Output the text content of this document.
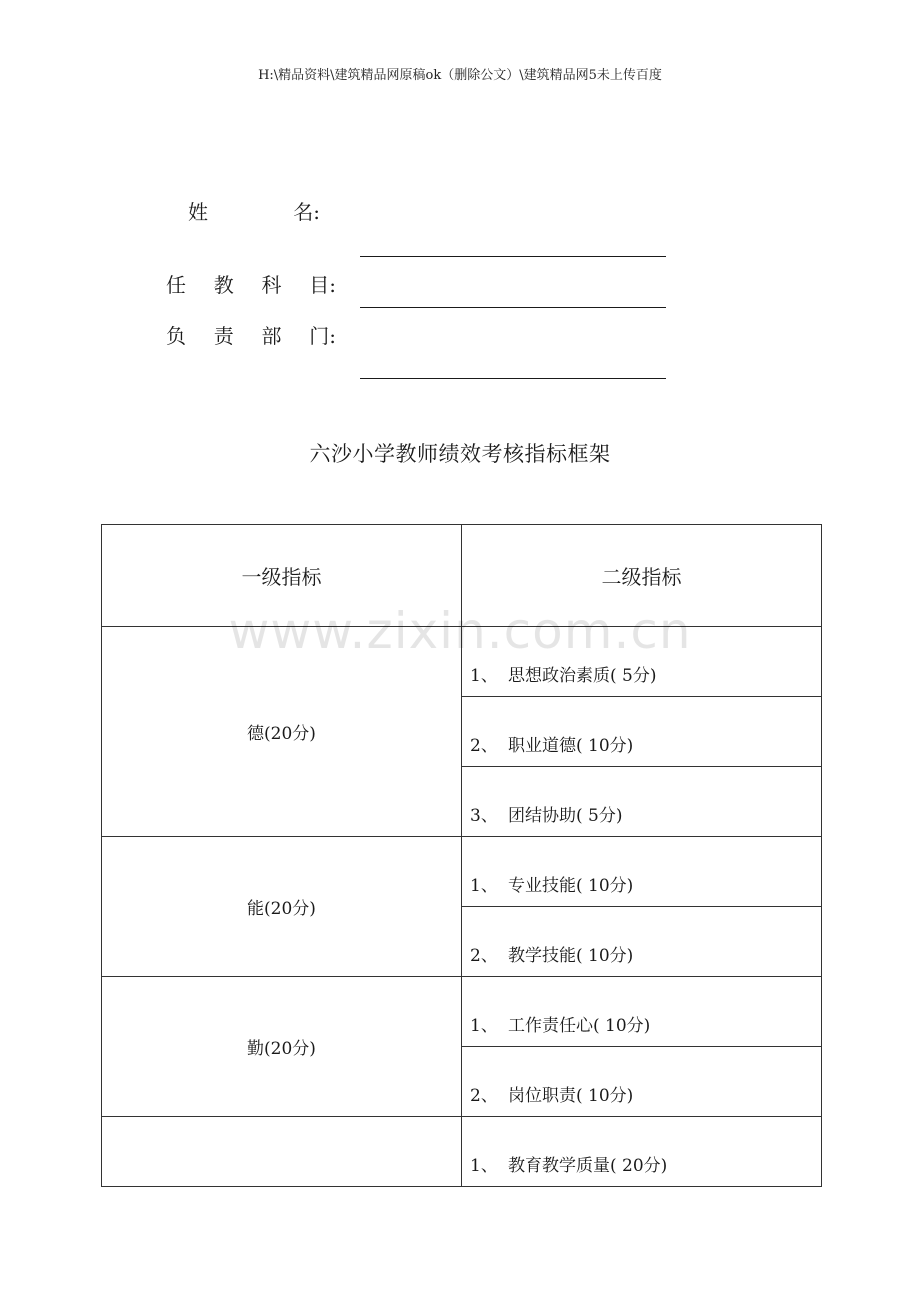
H:\精品资料\建筑精品网原稿ok（删除公文）\建筑精品网5未上传百度
姓	名:
任 教 科 目:
负 责 部 门:
六沙小学教师绩效考核指标框架
一级指标	二级指标
德(20分)	1、 思想政治素质( 5分)

	2、 职业道德( 10分)

	3、 团结协助( 5分)

能(20分)	1、 专业技能( 10分)

	2、 教学技能( 10分)

勤(20分)	1、 工作责任心( 10分)

	2、 岗位职责( 10分)

	1、 教育教学质量( 20分)
www.zixin.com.cn
